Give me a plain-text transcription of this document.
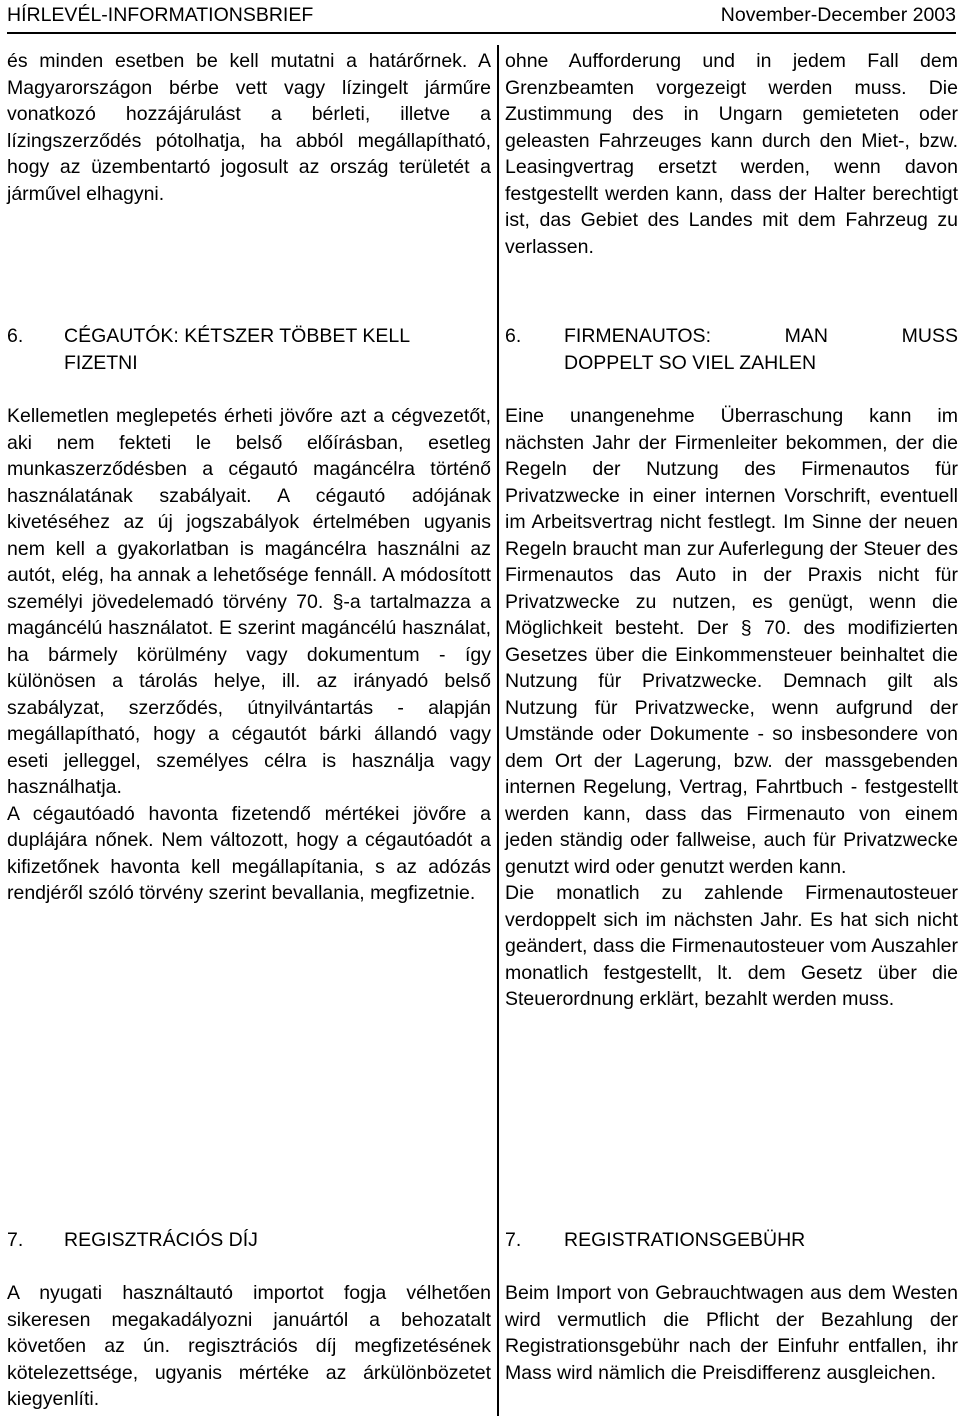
HÍRLEVÉL-INFORMATIONSBRIEF	November-December 2003

és minden esetben be kell mutatni a határőrnek. A Magyarországon bérbe vett vagy lízingelt járműre vonatkozó hozzájárulást a bérleti, illetve a lízingszerződés pótolhatja, ha abból megállapítható, hogy az üzembentartó jogosult az ország területét a járművel elhagyni.

ohne Aufforderung und in jedem Fall dem Grenzbeamten vorgezeigt werden muss. Die Zustimmung des in Ungarn gemieteten oder geleasten Fahrzeuges kann durch den Miet-, bzw. Leasingvertrag ersetzt werden, wenn davon festgestellt werden kann, dass der Halter berechtigt ist, das Gebiet des Landes mit dem Fahrzeug zu verlassen.

6. CÉGAUTÓK: KÉTSZER TÖBBET KELL
FIZETNI
6. FIRMENAUTOS:	MAN	MUSS
DOPPELT SO VIEL ZAHLEN

Kellemetlen meglepetés érheti jövőre azt a cégvezetőt, aki nem fekteti le belső előírásban, esetleg munkaszerződésben a cégautó magáncélra történő használatának szabályait. A cégautó adójának kivetéséhez az új jogszabályok értelmében ugyanis nem kell a gyakorlatban is magáncélra használni az autót, elég, ha annak a lehetősége fennáll. A módosított személyi jövedelemadó törvény 70. §-a tartalmazza a magáncélú használatot. E szerint magáncélú használat, ha bármely körülmény vagy dokumentum - így különösen a tárolás helye, ill. az irányadó belső szabályzat, szerződés, útnyilvántartás - alapján megállapítható, hogy a cégautót bárki állandó vagy eseti jelleggel, személyes célra is használja vagy használhatja.

A cégautóadó havonta fizetendő mértékei jövőre a duplájára nőnek. Nem változott, hogy a cégautóadót a kifizetőnek havonta kell megállapítania, s az adózás rendjéről szóló törvény szerint bevallania, megfizetnie.

Eine unangenehme Überraschung kann im nächsten Jahr der Firmenleiter bekommen, der die Regeln der Nutzung des Firmenautos für Privatzwecke in einer internen Vorschrift, eventuell im Arbeitsvertrag nicht festlegt. Im Sinne der neuen Regeln braucht man zur Auferlegung der Steuer des Firmenautos das Auto in der Praxis nicht für Privatzwecke zu nutzen, es genügt, wenn die Möglichkeit besteht. Der § 70. des modifizierten Gesetzes über die Einkommensteuer beinhaltet die Nutzung für Privatzwecke. Demnach gilt als Nutzung für Privatzwecke, wenn aufgrund der Umstände oder Dokumente - so insbesondere von dem Ort der Lagerung, bzw. der massgebenden internen Regelung, Vertrag, Fahrtbuch - festgestellt werden kann, dass das Firmenauto von einem jeden ständig oder fallweise, auch für Privatzwecke genutzt wird oder genutzt werden kann.

Die monatlich zu zahlende Firmenautosteuer verdoppelt sich im nächsten Jahr. Es hat sich nicht geändert, dass die Firmenautosteuer vom Auszahler monatlich festgestellt, lt. dem Gesetz über die Steuerordnung erklärt, bezahlt werden muss.

7. REGISZTRÁCIÓS DÍJ	7. REGISTRATIONSGEBÜHR

A nyugati használtautó importot fogja vélhetően sikeresen megakadályozni januártól a behozatalt követően az ún. regisztrációs díj megfizetésének kötelezettsége, ugyanis mértéke az árkülönbözetet kiegyenlíti.

Beim Import von Gebrauchtwagen aus dem Westen wird vermutlich die Pflicht der Bezahlung der Registrationsgebühr nach der Einfuhr entfallen, ihr Mass wird nämlich die Preisdifferenz ausgleichen.
